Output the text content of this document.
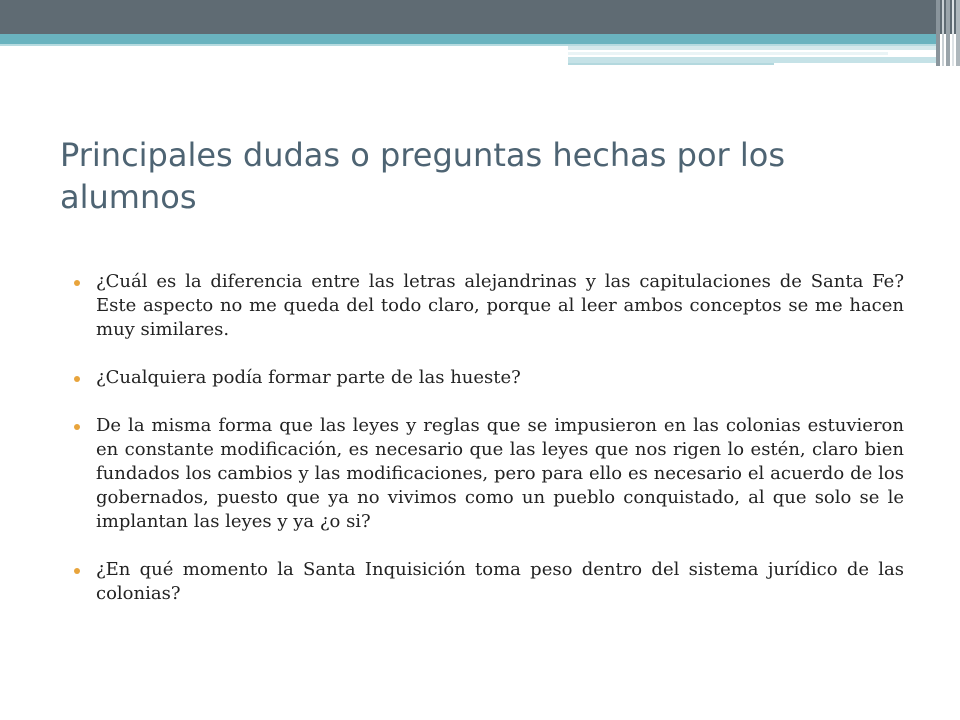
Principales dudas o preguntas hechas por los alumnos
¿Cuál es la diferencia entre las letras alejandrinas y las capitulaciones de Santa Fe? Este aspecto no me queda del todo claro, porque al leer ambos conceptos se me hacen muy similares.
¿Cualquiera podía formar parte de las hueste?
De la misma forma que las leyes y reglas que se impusieron en las colonias estuvieron en constante modificación, es necesario que las leyes que nos rigen lo estén, claro bien fundados los cambios y las modificaciones, pero para ello es necesario el acuerdo de los gobernados, puesto que ya no vivimos como un pueblo conquistado, al que solo se le implantan las leyes y ya ¿o si?
¿En qué momento la Santa Inquisición toma peso dentro del sistema jurídico de las colonias?
